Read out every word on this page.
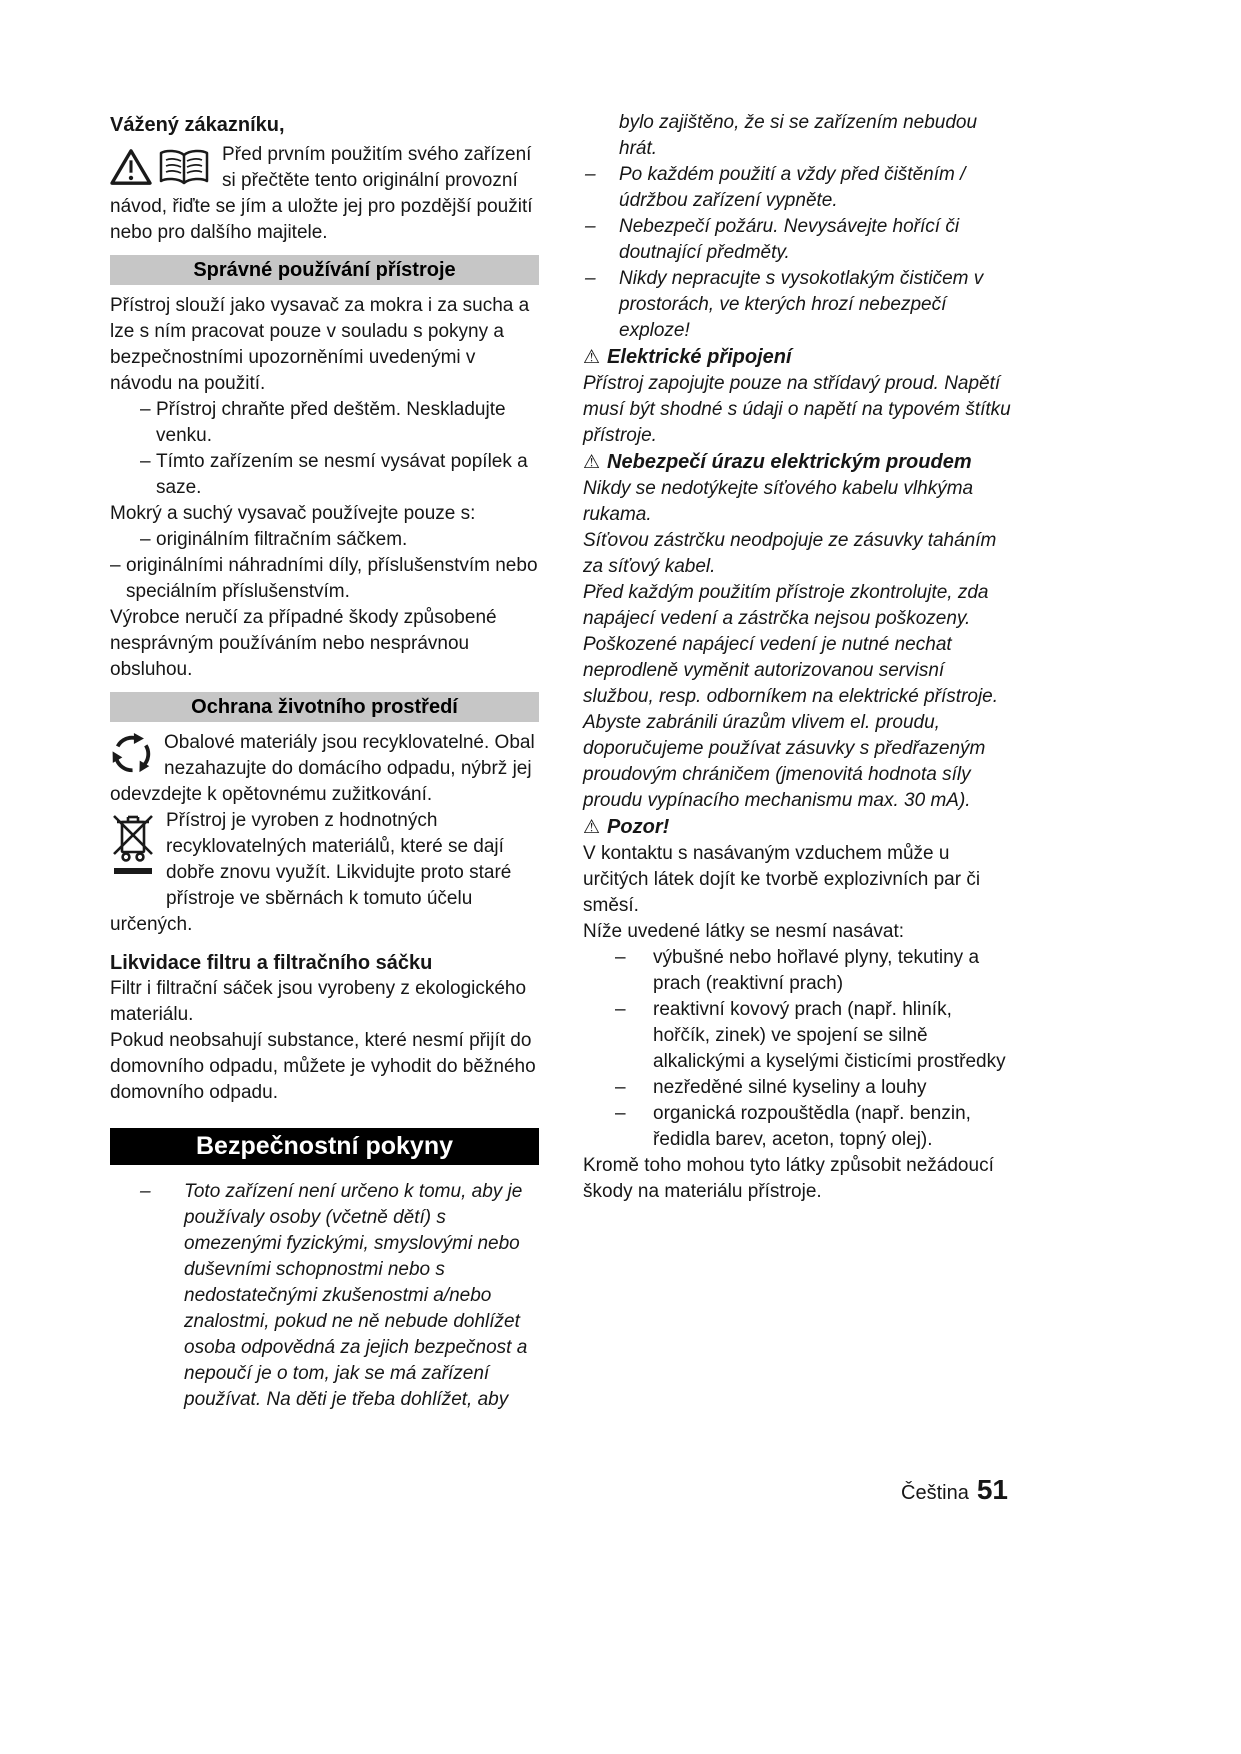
Vážený zákazníku,
Před prvním použitím svého zařízení si přečtěte tento originální provozní návod, řiďte se jím a uložte jej pro pozdější použití nebo pro dalšího majitele.
Správné používání přístroje

Přístroj slouží jako vysavač za mokra i za sucha a lze s ním pracovat pouze v souladu s pokyny a bezpečnostními upozorněními uvedenými v návodu na použití.

– Přístroj chraňte před deštěm. Neskladujte venku.
– Tímto zařízením se nesmí vysávat popílek a saze.

Mokrý a suchý vysavač používejte pouze s:

– originálním filtračním sáčkem.
– originálními náhradními díly, příslušenstvím nebo speciálním příslušenstvím.

Výrobce neručí za případné škody způsobené nesprávným používáním nebo nesprávnou obsluhou.

Ochrana životního prostředí
Obalové materiály jsou recyklovatelné. Obal nezahazujte do domácího odpadu, nýbrž jej odevzdejte k opětovnému zužitkování.
Přístroj je vyroben z hodnotných recyklovatelných materiálů, které se dají dobře znovu využít. Likvidujte proto staré přístroje ve sběrnách k tomuto účelu určených.
Likvidace filtru a filtračního sáčku

Filtr i filtrační sáček jsou vyrobeny z ekologického materiálu.

Pokud neobsahují substance, které nesmí přijít do domovního odpadu, můžete je vyhodit do běžného domovního odpadu.

Bezpečnostní pokyny
–	Toto zařízení není určeno k tomu, aby je používaly osoby (včetně dětí) s omezenými fyzickými, smyslovými nebo duševními schopnostmi nebo s nedostatečnými zkušenostmi a/nebo znalostmi, pokud ne ně nebude dohlížet osoba odpovědná za jejich bezpečnost a nepoučí je o tom, jak se má zařízení používat. Na děti je třeba dohlížet, aby

bylo zajištěno, že si se zařízením nebudou hrát.

–	Po každém použití a vždy před čištěním / údržbou zařízení vypněte.
–	Nebezpečí požáru. Nevysávejte hořící či doutnající předměty.
–	Nikdy nepracujte s vysokotlakým čističem v prostorách, ve kterých hrozí nebezpečí exploze!
⚠ Elektrické připojení

Přístroj zapojujte pouze na střídavý proud. Napětí musí být shodné s údaji o napětí na typovém štítku přístroje.

⚠ Nebezpečí úrazu elektrickým proudem

Nikdy se nedotýkejte síťového kabelu vlhkýma rukama.

Síťovou zástrčku neodpojuje ze zásuvky taháním za síťový kabel.

Před každým použitím přístroje zkontrolujte, zda napájecí vedení a zástrčka nejsou poškozeny. Poškozené napájecí vedení je nutné nechat neprodleně vyměnit autorizovanou servisní službou, resp. odborníkem na elektrické přístroje.

Abyste zabránili úrazům vlivem el. proudu, doporučujeme používat zásuvky s předřazeným proudovým chráničem (jmenovitá hodnota síly proudu vypínacího mechanismu max. 30 mA).

⚠ Pozor!

V kontaktu s nasávaným vzduchem může u určitých látek dojít ke tvorbě explozivních par či směsí.

Níže uvedené látky se nesmí nasávat:

–	výbušné nebo hořlavé plyny, tekutiny a prach (reaktivní prach)
–	reaktivní kovový prach (např. hliník, hořčík, zinek) ve spojení se silně alkalickými a kyselými čisticími prostředky
–	nezředěné silné kyseliny a louhy
–	organická rozpouštědla (např. benzin, ředidla barev, aceton, topný olej).

Kromě toho mohou tyto látky způsobit nežádoucí škody na materiálu přístroje.

Čeština 51
